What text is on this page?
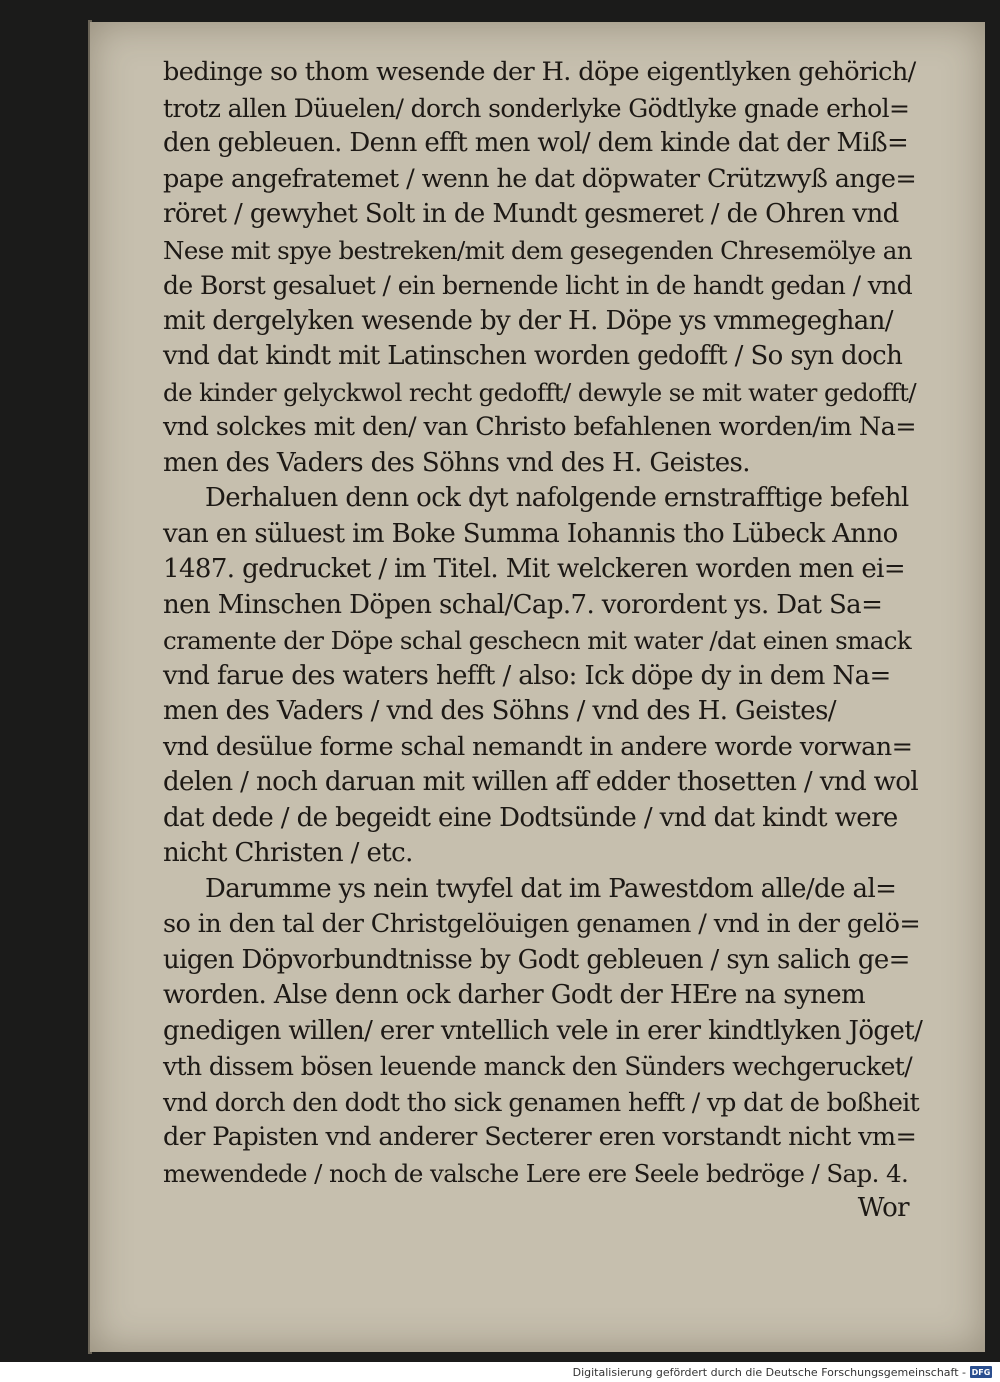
bedinge so thom wesende der H. döpe eigentlyken gehörich/
trotz allen Düuelen/ dorch sonderlyke Gödtlyke gnade erhol=
den gebleuen. Denn efft men wol/ dem kinde dat der Miß=
pape angefratemet / wenn he dat döpwater Crützwyß ange=
röret / gewyhet Solt in de Mundt gesmeret / de Ohren vnd
Nese mit spye bestreken/mit dem gesegenden Chresemölye an
de Borst gesaluet / ein bernende licht in de handt gedan / vnd
mit dergelyken wesende by der H. Döpe ys vmmegeghan/
vnd dat kindt mit Latinschen worden gedofft / So syn doch
de kinder gelyckwol recht gedofft/ dewyle se mit water gedofft/
vnd solckes mit den/ van Christo befahlenen worden/im Na=
men des Vaders des Söhns vnd des H. Geistes.
Derhaluen denn ock dyt nafolgende ernstrafftige befehl
van en süluest im Boke Summa Iohannis tho Lübeck Anno
1487. gedrucket / im Titel. Mit welckeren worden men ei=
nen Minschen Döpen schal/Cap.7. vorordent ys. Dat Sa=
cramente der Döpe schal geschecn mit water /dat einen smack
vnd farue des waters hefft / also: Ick döpe dy in dem Na=
men des Vaders / vnd des Söhns / vnd des H. Geistes/
vnd desülue forme schal nemandt in andere worde vorwan=
delen / noch daruan mit willen aff edder thosetten / vnd wol
dat dede / de begeidt eine Dodtsünde / vnd dat kindt were
nicht Christen / etc.
Darumme ys nein twyfel dat im Pawestdom alle/de al=
so in den tal der Christgelöuigen genamen / vnd in der gelö=
uigen Döpvorbundtnisse by Godt gebleuen / syn salich ge=
worden. Alse denn ock darher Godt der HEre na synem
gnedigen willen/ erer vntellich vele in erer kindtlyken Jöget/
vth dissem bösen leuende manck den Sünders wechgerucket/
vnd dorch den dodt tho sick genamen hefft / vp dat de boßheit
der Papisten vnd anderer Secterer eren vorstandt nicht vm=
mewendede / noch de valsche Lere ere Seele bedröge / Sap. 4.
Wor
Digitalisierung gefördert durch die Deutsche Forschungsgemeinschaft - DFG
